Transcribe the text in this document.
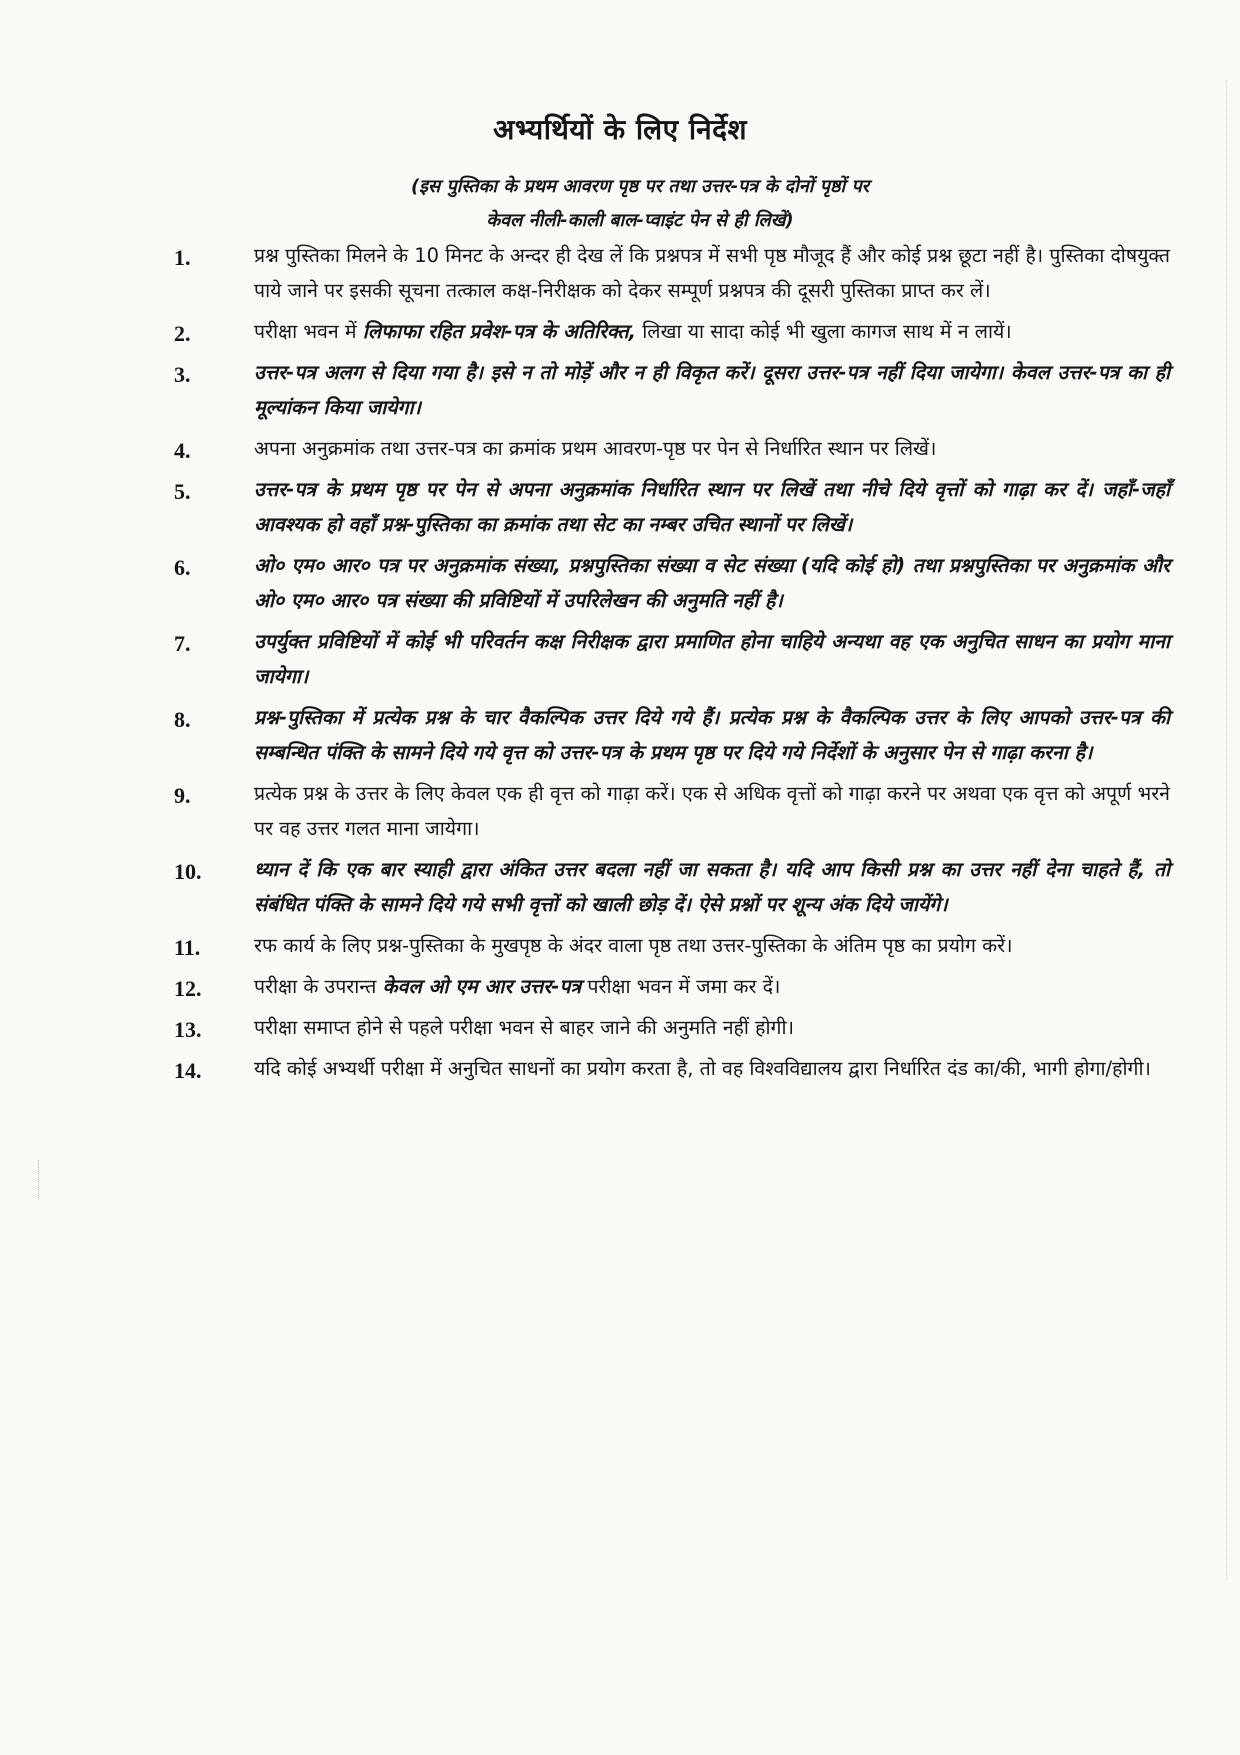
अभ्यर्थियों के लिए निर्देश
(इस पुस्तिका के प्रथम आवरण पृष्ठ पर तथा उत्तर-पत्र के दोनों पृष्ठों पर
केवल नीली-काली बाल-प्वाइंट पेन से ही लिखें)
1.	प्रश्न पुस्तिका मिलने के 10 मिनट के अन्दर ही देख लें कि प्रश्नपत्र में सभी पृष्ठ मौजूद हैं और कोई प्रश्न छूटा नहीं है। पुस्तिका दोषयुक्त पाये जाने पर इसकी सूचना तत्काल कक्ष-निरीक्षक को देकर सम्पूर्ण प्रश्नपत्र की दूसरी पुस्तिका प्राप्त कर लें।
2.	परीक्षा भवन में लिफाफा रहित प्रवेश-पत्र के अतिरिक्त, लिखा या सादा कोई भी खुला कागज साथ में न लायें।
3.	उत्तर-पत्र अलग से दिया गया है। इसे न तो मोड़ें और न ही विकृत करें। दूसरा उत्तर-पत्र नहीं दिया जायेगा। केवल उत्तर-पत्र का ही मूल्यांकन किया जायेगा।
4.	अपना अनुक्रमांक तथा उत्तर-पत्र का क्रमांक प्रथम आवरण-पृष्ठ पर पेन से निर्धारित स्थान पर लिखें।
5.	उत्तर-पत्र के प्रथम पृष्ठ पर पेन से अपना अनुक्रमांक निर्धारित स्थान पर लिखें तथा नीचे दिये वृत्तों को गाढ़ा कर दें। जहाँ-जहाँ आवश्यक हो वहाँ प्रश्न-पुस्तिका का क्रमांक तथा सेट का नम्बर उचित स्थानों पर लिखें।
6.	ओ० एम० आर० पत्र पर अनुक्रमांक संख्या, प्रश्नपुस्तिका संख्या व सेट संख्या (यदि कोई हो) तथा प्रश्नपुस्तिका पर अनुक्रमांक और ओ० एम० आर० पत्र संख्या की प्रविष्टियों में उपरिलेखन की अनुमति नहीं है।
7.	उपर्युक्त प्रविष्टियों में कोई भी परिवर्तन कक्ष निरीक्षक द्वारा प्रमाणित होना चाहिये अन्यथा वह एक अनुचित साधन का प्रयोग माना जायेगा।
8.	प्रश्न-पुस्तिका में प्रत्येक प्रश्न के चार वैकल्पिक उत्तर दिये गये हैं। प्रत्येक प्रश्न के वैकल्पिक उत्तर के लिए आपको उत्तर-पत्र की सम्बन्धित पंक्ति के सामने दिये गये वृत्त को उत्तर-पत्र के प्रथम पृष्ठ पर दिये गये निर्देशों के अनुसार पेन से गाढ़ा करना है।
9.	प्रत्येक प्रश्न के उत्तर के लिए केवल एक ही वृत्त को गाढ़ा करें। एक से अधिक वृत्तों को गाढ़ा करने पर अथवा एक वृत्त को अपूर्ण भरने पर वह उत्तर गलत माना जायेगा।
10.	ध्यान दें कि एक बार स्याही द्वारा अंकित उत्तर बदला नहीं जा सकता है। यदि आप किसी प्रश्न का उत्तर नहीं देना चाहते हैं, तो संबंधित पंक्ति के सामने दिये गये सभी वृत्तों को खाली छोड़ दें। ऐसे प्रश्नों पर शून्य अंक दिये जायेंगे।
11.	रफ कार्य के लिए प्रश्न-पुस्तिका के मुखपृष्ठ के अंदर वाला पृष्ठ तथा उत्तर-पुस्तिका के अंतिम पृष्ठ का प्रयोग करें।
12.	परीक्षा के उपरान्त केवल ओ एम आर उत्तर-पत्र परीक्षा भवन में जमा कर दें।
13.	परीक्षा समाप्त होने से पहले परीक्षा भवन से बाहर जाने की अनुमति नहीं होगी।
14.	यदि कोई अभ्यर्थी परीक्षा में अनुचित साधनों का प्रयोग करता है, तो वह विश्वविद्यालय द्वारा निर्धारित दंड का/की, भागी होगा/होगी।
